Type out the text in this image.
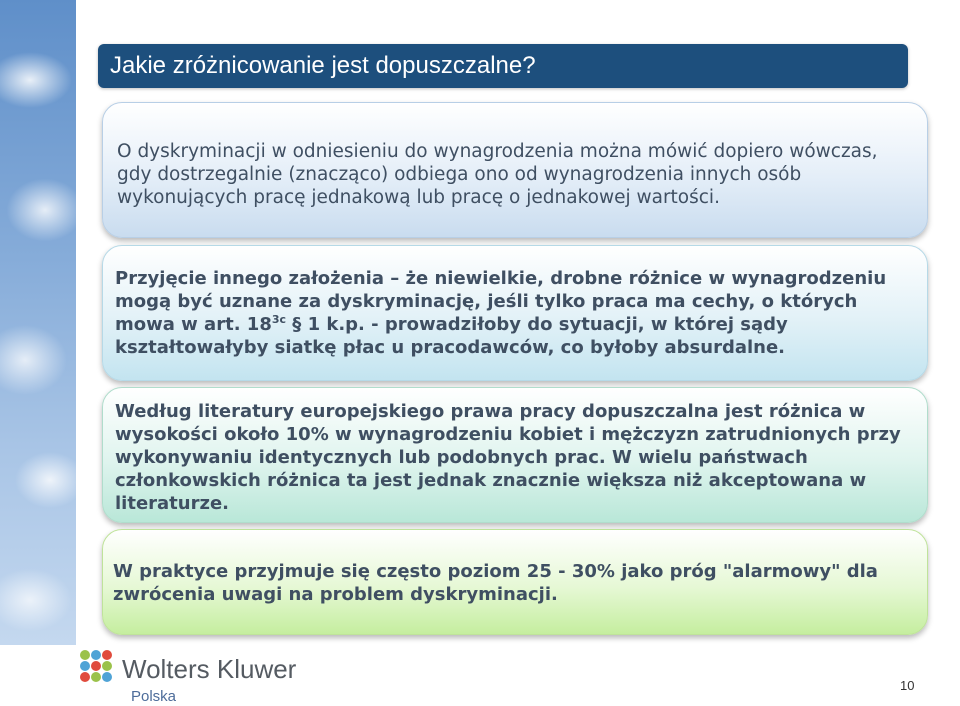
Jakie zróżnicowanie jest dopuszczalne?

O dyskryminacji w odniesieniu do wynagrodzenia można mówić dopiero wówczas, gdy dostrzegalnie (znacząco) odbiega ono od wynagrodzenia innych osób wykonujących pracę jednakową lub pracę o jednakowej wartości.

Przyjęcie innego założenia – że niewielkie, drobne różnice w wynagrodzeniu mogą być uznane za dyskryminację, jeśli tylko praca ma cechy, o których mowa w art. $18^{3c}$ § 1 k.p. - prowadziłoby do sytuacji, w której sądy kształtowałyby siatkę płac u pracodawców, co byłoby absurdalne.

Według literatury europejskiego prawa pracy dopuszczalna jest różnica w wysokości około 10% w wynagrodzeniu kobiet i mężczyzn zatrudnionych przy wykonywaniu identycznych lub podobnych prac. W wielu państwach członkowskich różnica ta jest jednak znacznie większa niż akceptowana w literaturze.

W praktyce przyjmuje się często poziom 25 - 30% jako próg "alarmowy" dla zwrócenia uwagi na problem dyskryminacji.

Wolters Kluwer
Polska
10
